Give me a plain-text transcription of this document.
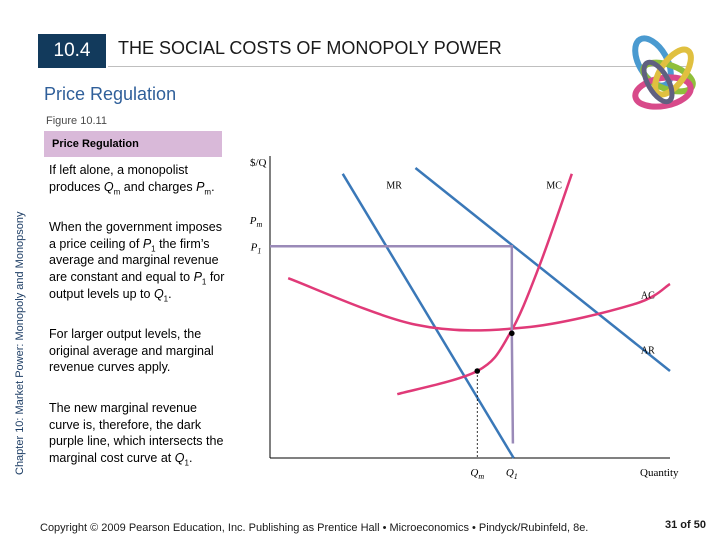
10.4	THE SOCIAL COSTS OF MONOPOLY POWER
Price Regulation
Figure 10.11
Chapter 10: Market Power: Monopoly and Monopsony
Price Regulation
If left alone, a monopolist produces $Q_m$ and charges $P_m$.
When the government imposes a price ceiling of $P_1$ the firm’s average and marginal revenue are constant and equal to $P_1$ for output levels up to $Q_1$.
For larger output levels, the original average and marginal revenue curves apply.
The new marginal revenue curve is, therefore, the dark purple line, which intersects the marginal cost curve at $Q_1$.
$/Q
Quantity
$P_m$
$P_1$
$Q_m$ $Q_1$
MR
AR
MC
AC
Copyright © 2009 Pearson Education, Inc. Publishing as Prentice Hall • Microeconomics • Pindyck/Rubinfeld, 8e.	31 of 50
